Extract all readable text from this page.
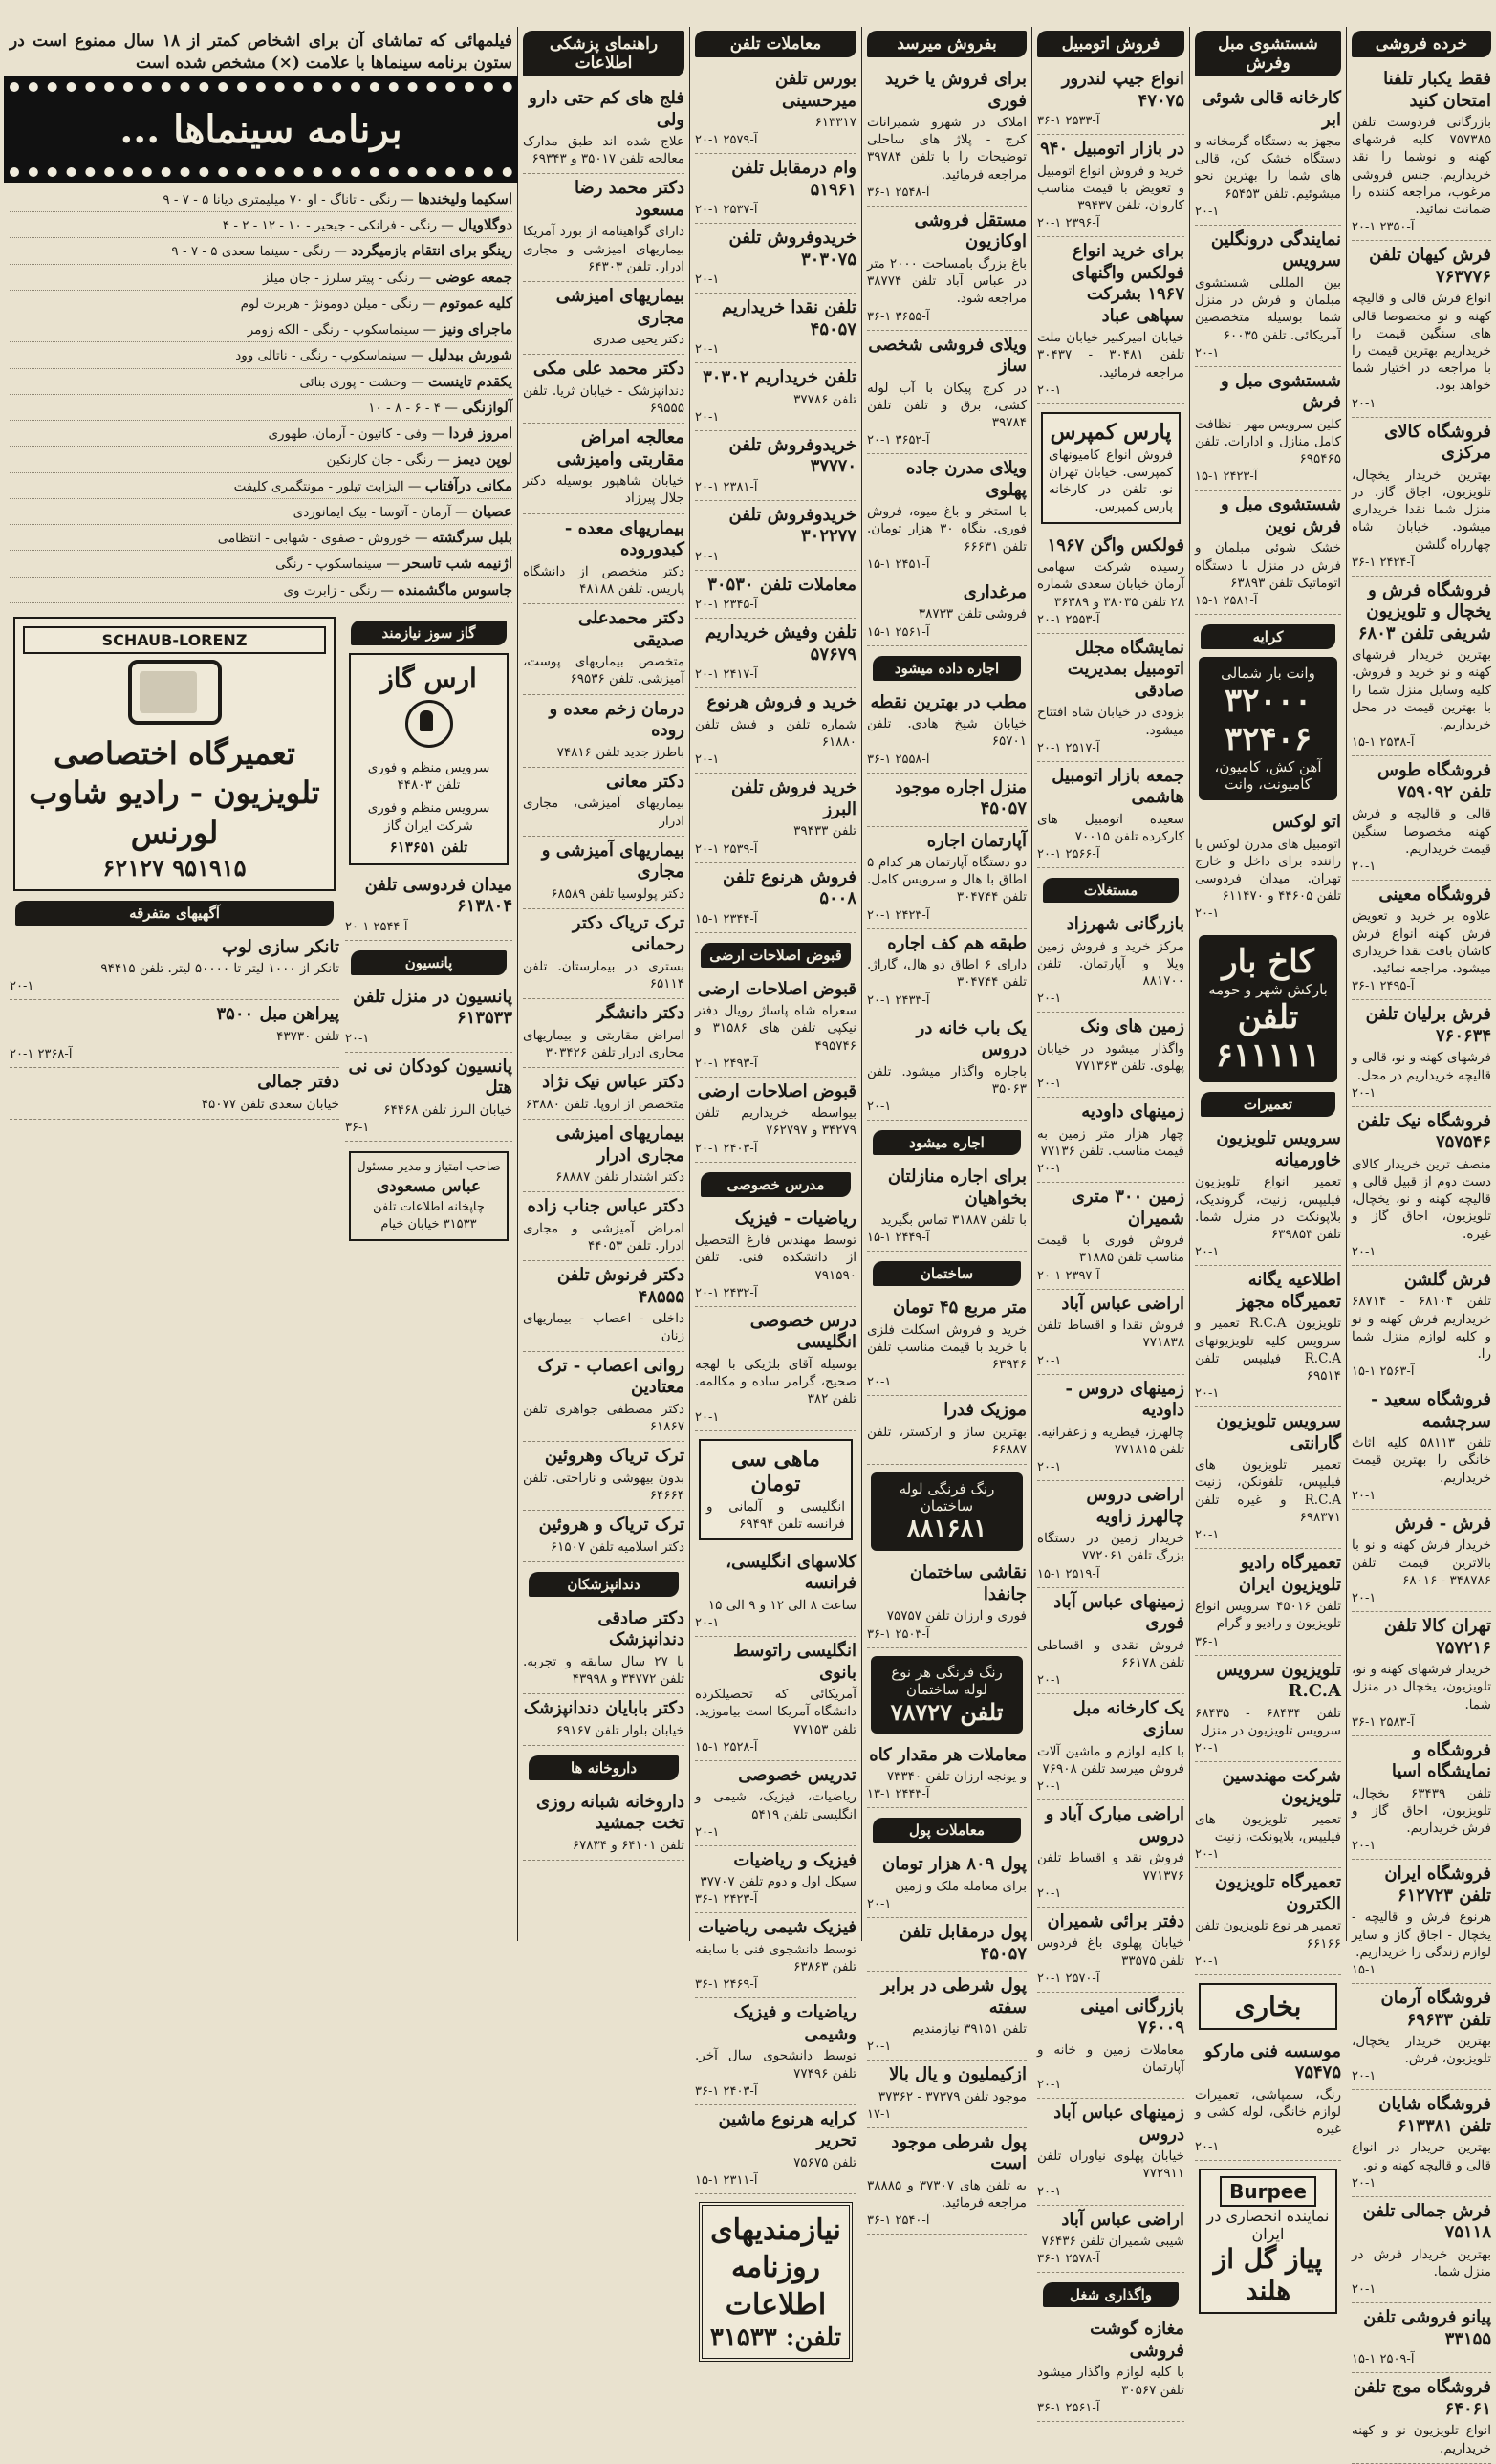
خرده فروشی
فقط یکبار تلفنا امتحان کنید
بازرگانی فردوست تلفن ۷۵۷۳۸۵ کلیه فرشهای کهنه و نوشما را نقد خریداریم. جنس فروشی مرغوب، مراجعه کننده را ضمانت نمائید.
۲۰-۱ آ-۲۳۵۰
فرش کیهان تلفن ۷۶۳۷۷۶
انواع فرش قالی و قالیچه کهنه و نو مخصوصا قالی های سنگین قیمت را خریداریم بهترین قیمت را با مراجعه در اختیار شما خواهد بود.
۲۰-۱
فروشگاه کالای مرکزی
بهترین خریدار یخچال، تلویزیون، اجاق گاز. در منزل شما نقدا خریداری میشود. خیابان شاه چهارراه گلشن
۳۶-۱ آ-۲۴۲۴
فروشگاه فرش و یخچال و تلویزیون شریفی تلفن ۶۸۰۳
بهترین خریدار فرشهای کهنه و نو خرید و فروش. کلیه وسایل منزل شما را با بهترین قیمت در محل خریداریم.
۱۵-۱ آ-۲۵۳۸
فروشگاه طوس تلفن ۷۵۹۰۹۲
قالی و قالیچه و فرش کهنه مخصوصا سنگین قیمت خریداریم.
۲۰-۱
فروشگاه معینی
علاوه بر خرید و تعویض فرش کهنه انواع فرش کاشان بافت نقدا خریداری میشود. مراجعه نمائید.
۳۶-۱ آ-۲۴۹۵
فرش برلیان تلفن ۷۶۰۶۳۴
فرشهای کهنه و نو، قالی و قالیچه خریداریم در محل.
۲۰-۱
فروشگاه نیک تلفن ۷۵۷۵۴۶
منصف ترین خریدار کالای دست دوم از قبیل قالی و قالیچه کهنه و نو، یخچال، تلویزیون، اجاق گاز و غیره.
۲۰-۱
فرش گلشن
تلفن ۶۸۱۰۴ - ۶۸۷۱۴ خریداریم فرش کهنه و نو و کلیه لوازم منزل شما را.
۱۵-۱ آ-۲۵۶۳
فروشگاه سعید - سرچشمه
تلفن ۵۸۱۱۳ کلیه اثاث خانگی را بهترین قیمت خریداریم.
۲۰-۱
فرش - فرش
خریدار فرش کهنه و نو با بالاترین قیمت تلفن ۳۴۸۷۸۶ - ۶۸۰۱۶
۲۰-۱
تهران کالا تلفن ۷۵۷۲۱۶
خریدار فرشهای کهنه و نو، تلویزیون، یخچال در منزل شما.
۳۶-۱ آ-۲۵۸۳
فروشگاه و نمایشگاه اسیا
تلفن ۶۳۴۳۹ یخچال، تلویزیون، اجاق گاز و فرش خریداریم.
۲۰-۱
فروشگاه ایران تلفن ۶۱۲۷۲۳
هرنوع فرش و قالیچه - یخچال - اجاق گاز و سایر لوازم زندگی را خریداریم.
۱۵-۱
فروشگاه آرمان تلفن ۶۹۶۳۳
بهترین خریدار یخچال، تلویزیون، فرش.
۲۰-۱
فروشگاه شایان تلفن ۶۱۳۳۸۱
بهترین خریدار در انواع قالی و قالیچه کهنه و نو.
۲۰-۱
فرش جمالی تلفن ۷۵۱۱۸
بهترین خریدار فرش در منزل شما.
۲۰-۱
پیانو فروشی تلفن ۳۳۱۵۵
۱۵-۱ آ-۲۵۰۹
فروشگاه موج تلفن ۶۴۰۶۱
انواع تلویزیون نو و کهنه خریداریم.
شستشوی مبل وفرش
کارخانه قالی شوئی ابر
مجهز به دستگاه گرمخانه و دستگاه خشک کن، قالی های شما را بهترین نحو میشوئیم. تلفن ۶۵۴۵۳
۲۰-۱
نمایندگی درونگلین سرویس
بین المللی شستشوی مبلمان و فرش در منزل شما بوسیله متخصصین آمریکائی. تلفن ۶۰۰۳۵
۲۰-۱
شستشوی مبل و فرش
کلین سرویس مهر - نظافت کامل منازل و ادارات. تلفن ۶۹۵۴۶۵
۱۵-۱ آ-۲۴۲۳
شستشوی مبل و فرش نوین
خشک شوئی مبلمان و فرش در منزل با دستگاه اتوماتیک تلفن ۶۳۸۹۳
۱۵-۱ آ-۲۵۸۱
کرایه
وانت بار شمالی
۳۲۰۰۰
۳۲۴۰۶
آهن کش، کامیون، کامیونت، وانت
اتو لوکس
اتومبیل های مدرن لوکس با راننده برای داخل و خارج تهران. میدان فردوسی تلفن ۴۴۶۰۵ و ۶۱۱۴۷۰
۲۰-۱
کاخ بار
بارکش شهر و حومه
تلفن ۶۱۱۱۱۱
تعمیرات
سرویس تلویزیون خاورمیانه
تعمیر انواع تلویزیون فیلیپس، زنیت، گروندیک، بلاپونکت در منزل شما. تلفن ۶۳۹۸۵۳
۲۰-۱
اطلاعیه یگانه تعمیرگاه مجهز
تلویزیون R.C.A تعمیر و سرویس کلیه تلویزیونهای R.C.A فیلیپس تلفن ۶۹۵۱۴
۲۰-۱
سرویس تلویزیون گارانتی
تعمیر تلویزیون های فیلیپس، تلفونکن، زنیت R.C.A و غیره تلفن ۶۹۸۳۷۱
۲۰-۱
تعمیرگاه رادیو تلویزیون ایران
تلفن ۴۵۰۱۶ سرویس انواع تلویزیون و رادیو و گرام
۳۶-۱
تلویزیون سرویس R.C.A
تلفن ۶۸۴۳۴ - ۶۸۴۳۵ سرویس تلویزیون در منزل
۲۰-۱
شرکت مهندسین تلویزیون
تعمیر تلویزیون های فیلیپس، بلاپونکت، زنیت
۲۰-۱
تعمیرگاه تلویزیون الکترون
تعمیر هر نوع تلویزیون تلفن ۶۶۱۶۶
۲۰-۱
بخاری
موسسه فنی مارکو ۷۵۴۷۵
رنگ، سمپاشی، تعمیرات لوازم خانگی، لوله کشی و غیره
۲۰-۱
Burpee
نماینده انحصاری در ایران
پیاز گل از هلند
فروش اتومبیل
انواع جیپ لندرور ۴۷۰۷۵
۳۶-۱ آ-۲۵۳۳
در بازار اتومبیل ۹۴۰
خرید و فروش انواع اتومبیل و تعویض با قیمت مناسب کاروان، تلفن ۳۹۴۳۷
۲۰-۱ آ-۲۳۹۶
برای خرید انواع فولکس واگنهای ۱۹۶۷ بشرکت سپاهی عباد
خیابان امیرکبیر خیابان ملت تلفن ۳۰۴۸۱ - ۳۰۴۳۷ مراجعه فرمائید.
۲۰-۱
پارس کمپرس
فروش انواع کامیونهای کمپرسی. خیابان تهران نو. تلفن در کارخانه پارس کمپرس.
فولکس واگن ۱۹۶۷
رسیده شرکت سهامی آرمان خیابان سعدی شماره ۲۸ تلفن ۳۸۰۳۵ و ۳۶۳۸۹
۲۰-۱ آ-۲۵۵۳
نمایشگاه مجلل اتومبیل بمدیریت صادقی
بزودی در خیابان شاه افتتاح میشود.
۲۰-۱ آ-۲۵۱۷
جمعه بازار اتومبیل هاشمی
سعیده اتومبیل های کارکرده تلفن ۷۰۰۱۵
۲۰-۱ آ-۲۵۶۶
مستغلات
بازرگانی شهرزاد
مرکز خرید و فروش زمین ویلا و آپارتمان. تلفن ۸۸۱۷۰۰
۲۰-۱
زمین های ونک
واگذار میشود در خیابان پهلوی. تلفن ۷۷۱۳۶۳
۲۰-۱
زمینهای داودیه
چهار هزار متر زمین به قیمت مناسب. تلفن ۷۷۱۳۶
۲۰-۱
زمین ۳۰۰ متری شمیران
فروش فوری با قیمت مناسب تلفن ۳۱۸۸۵
۲۰-۱ آ-۲۳۹۷
اراضی عباس آباد
فروش نقدا و اقساط تلفن ۷۷۱۸۳۸
۲۰-۱
زمینهای دروس - داودیه
چالهرز، قیطریه و زعفرانیه. تلفن ۷۷۱۸۱۵
۲۰-۱
اراضی دروس چالهرز زاویه
خریدار زمین در دستگاه بزرگ تلفن ۷۷۲۰۶۱
۱۵-۱ آ-۲۵۱۹
زمینهای عباس آباد فوری
فروش نقدی و اقساطی تلفن ۶۶۱۷۸
۲۰-۱
یک کارخانه مبل سازی
با کلیه لوازم و ماشین آلات فروش میرسد تلفن ۷۶۹۰۸
۲۰-۱
اراضی مبارک آباد و دروس
فروش نقد و اقساط تلفن ۷۷۱۳۷۶
۲۰-۱
دفتر برائی شمیران
خیابان پهلوی باغ فردوس تلفن ۳۳۵۷۵
۲۰-۱ آ-۲۵۷۰
بازرگانی امینی ۷۶۰۰۹
معاملات زمین و خانه و آپارتمان
۲۰-۱
زمینهای عباس آباد دروس
خیابان پهلوی نیاوران تلفن ۷۷۲۹۱۱
۲۰-۱
اراضی عباس آباد
شیبی شمیران تلفن ۷۶۴۳۶
۳۶-۱ آ-۲۵۷۸
واگذاری شغل
مغازه گوشت فروشی
با کلیه لوازم واگذار میشود تلفن ۳۰۵۶۷
۳۶-۱ آ-۲۵۶۱
بفروش میرسد
برای فروش یا خرید فوری
املاک در شهرو شمیرانات کرج - پلاژ های ساحلی توضیحات را با تلفن ۳۹۷۸۴ مراجعه فرمائید.
۳۶-۱ آ-۲۵۴۸
مستقل فروشی اوکازیون
باغ بزرگ بامساحت ۲۰۰۰ متر در عباس آباد تلفن ۳۸۷۷۴ مراجعه شود.
۳۶-۱ آ-۳۶۵۵
ویلای فروشی شخصی ساز
در کرج پیکان با آب لوله کشی، برق و تلفن تلفن ۳۹۷۸۴
۲۰-۱ آ-۳۶۵۲
ویلای مدرن جاده پهلوی
با استخر و باغ میوه، فروش فوری. بنگاه ۳۰ هزار تومان. تلفن ۶۶۶۳۱
۱۵-۱ آ-۲۴۵۱
مرغداری
فروشی تلفن ۳۸۷۳۳
۱۵-۱ آ-۲۵۶۱
اجاره داده میشود
مطب در بهترین نقطه
خیابان شیخ هادی. تلفن ۶۵۷۰۱
۳۶-۱ آ-۲۵۵۸
منزل اجاره موجود ۴۵۰۵۷
آپارتمان اجاره
دو دستگاه آپارتمان هر کدام ۵ اطاق با هال و سرویس کامل. تلفن ۳۰۴۷۴۴
۲۰-۱ آ-۲۴۲۳
طبقه هم کف اجاره
دارای ۶ اطاق دو هال، گاراژ. تلفن ۳۰۴۷۴۴
۲۰-۱ آ-۲۴۳۳
یک باب خانه در دروس
باجاره واگذار میشود. تلفن ۳۵۰۶۳
۲۰-۱
اجاره میشود
برای اجاره منازلتان بخواهیان
با تلفن ۳۱۸۸۷ تماس بگیرید
۱۵-۱ آ-۲۴۴۹
ساختمان
متر مربع ۴۵ تومان
خرید و فروش اسکلت فلزی با خرید با قیمت مناسب تلفن ۶۳۹۴۶
۲۰-۱
موزیک فدرا
بهترین ساز و ارکستر، تلفن ۶۶۸۸۷
رنگ فرنگی لوله ساختمان
۸۸۱۶۸۱
نقاشی ساختمان جانفدا
فوری و ارزان تلفن ۷۵۷۵۷
۳۶-۱ آ-۲۵۰۳
رنگ فرنگی هر نوع لوله ساختمان
تلفن ۷۸۷۲۷
معاملات هر مقدار کاه
و یونجه ارزان تلفن ۷۳۳۴۰
۱۳-۱ آ-۲۴۴۳
معاملات پول
پول ۸۰۹ هزار تومان
برای معامله ملک و زمین
۲۰-۱
پول درمقابل تلفن ۴۵۰۵۷
پول شرطی در برابر سفته
تلفن ۳۹۱۵۱ نیازمندیم
۲۰-۱
ازکیملیون و یال بالا
موجود تلفن ۳۷۳۷۹ - ۳۷۳۶۲
۱۷-۱
پول شرطی موجود است
به تلفن های ۳۷۳۰۷ و ۳۸۸۸۵ مراجعه فرمائید.
۳۶-۱ آ-۲۵۴۰
معاملات تلفن
بورس تلفن میرحسینی
۶۱۳۳۱۷
۲۰-۱ آ-۲۵۷۹
وام درمقابل تلفن ۵۱۹۶۱
۲۰-۱ آ-۲۵۳۷
خریدوفروش تلفن ۳۰۳۰۷۵
۲۰-۱
تلفن نقدا خریداریم ۴۵۰۵۷
۲۰-۱
تلفن خریداریم ۳۰۳۰۲
تلفن ۳۷۷۸۶
۲۰-۱
خریدوفروش تلفن ۳۷۷۷۰
۲۰-۱ آ-۲۳۸۱
خریدوفروش تلفن ۳۰۲۲۷۷
۲۰-۱
معاملات تلفن ۳۰۵۳۰
۲۰-۱ آ-۲۳۴۵
تلفن وفیش خریداریم ۵۷۶۷۹
۲۰-۱ آ-۲۴۱۷
خرید و فروش هرنوع
شماره تلفن و فیش تلفن ۶۱۸۸۰
۲۰-۱
خرید فروش تلفن البرز
تلفن ۳۹۴۳۳
۲۰-۱ آ-۲۵۳۹
فروش هرنوع تلفن ۵۰۰۸
۱۵-۱ آ-۲۳۴۴
قبوض اصلاحات ارضی
قبوض اصلاحات ارضی
سعراه شاه پاساژ رویال دفتر نیکپی تلفن های ۳۱۵۸۶ و ۴۹۵۷۴۶
۲۰-۱ آ-۲۴۹۳
قبوض اصلاحات ارضی
بیواسطه خریداریم تلفن ۳۴۲۷۹ و ۷۶۲۷۹۷
۲۰-۱ آ-۲۴۰۳
مدرس خصوصی
ریاضیات - فیزیک
توسط مهندس فارغ التحصیل از دانشکده فنی. تلفن ۷۹۱۵۹۰
۲۰-۱ آ-۲۴۳۲
درس خصوصی انگلیسی
بوسیله آقای بلژیکی با لهجه صحیح، گرامر ساده و مکالمه. تلفن ۳۸۲
۲۰-۱
ماهی سی تومان
انگلیسی و آلمانی و فرانسه تلفن ۶۹۴۹۴
کلاسهای انگلیسی، فرانسه
ساعت ۸ الی ۱۲ و ۹ الی ۱۵
۲۰-۱
انگلیسی راتوسط بانوی
آمریکائی که تحصیلکرده دانشگاه آمریکا است بیاموزید. تلفن ۷۷۱۵۳
۱۵-۱ آ-۲۵۲۸
تدریس خصوصی
ریاضیات، فیزیک، شیمی و انگلیسی تلفن ۵۴۱۹
۲۰-۱
فیزیک و ریاضیات
سیکل اول و دوم تلفن ۳۷۷۰۷
۳۶-۱ آ-۲۴۲۳
فیزیک شیمی ریاضیات
توسط دانشجوی فنی با سابقه تلفن ۶۳۸۶۳
۳۶-۱ آ-۲۴۶۹
ریاضیات و فیزیک وشیمی
توسط دانشجوی سال آخر. تلفن ۷۷۴۹۶
۳۶-۱ آ-۲۴۰۳
کرایه هرنوع ماشین تحریر
تلفن ۷۵۶۷۵
۱۵-۱ آ-۲۳۱۱
نیازمندیهای روزنامه اطلاعات
تلفن: ۳۱۵۳۳
راهنمای پزشکی اطلاعات
فلج های کم حتی دارو ولی
علاج شده اند طبق مدارک معالجه تلفن ۳۵۰۱۷ و ۶۹۳۴۳
دکتر محمد رضا مسعود
دارای گواهینامه از بورد آمریکا بیماریهای امیزشی و مجاری ادرار. تلفن ۶۴۳۰۳
بیماریهای امیزشی مجاری
دکتر یحیی صدری
دکتر محمد علی مکی
دندانپزشک - خیابان ثریا. تلفن ۶۹۵۵۵
معالجه امراض مقاربتی وامیزشی
خیابان شاهپور بوسیله دکتر جلال پیرزاد
بیماریهای معده - کبدوروده
دکتر متخصص از دانشگاه پاریس. تلفن ۴۸۱۸۸
دکتر محمدعلی صدیقی
متخصص بیماریهای پوست، آمیزشی. تلفن ۶۹۵۳۶
درمان زخم معده و روده
باطرز جدید تلفن ۷۴۸۱۶
دکتر معانی
بیماریهای آمیزشی، مجاری ادرار
بیماریهای آمیزشی و مجاری
دکتر پولوسیا تلفن ۶۸۵۸۹
ترک تریاک دکتر رحمانی
بستری در بیمارستان. تلفن ۶۵۱۱۴
دکتر دانشگر
امراض مقاربتی و بیماریهای مجاری ادرار تلفن ۳۰۳۴۲۶
دکتر عباس نیک نژاد
متخصص از اروپا. تلفن ۶۳۸۸۰
بیماریهای امیزشی مجاری ادرار
دکتر اشتدار تلفن ۶۸۸۸۷
دکتر عباس جناب زاده
امراض آمیزشی و مجاری ادرار. تلفن ۴۴۰۵۳
دکتر فرنوش تلفن ۴۸۵۵۵
داخلی - اعصاب - بیماریهای زنان
روانی اعصاب - ترک معتادین
دکتر مصطفی جواهری تلفن ۶۱۸۶۷
ترک تریاک وهروئین
بدون بیهوشی و ناراحتی. تلفن ۶۴۶۶۴
ترک تریاک و هروئین
دکتر اسلامیه تلفن ۶۱۵۰۷
دندانپزشکان
دکتر صادقی دندانپزشک
با ۲۷ سال سابقه و تجربه. تلفن ۳۴۷۷۲ و ۴۳۹۹۸
دکتر بابایان دندانپزشک
خیابان بلوار تلفن ۶۹۱۶۷
داروخانه ها
داروخانه شبانه روزی تخت جمشید
تلفن ۶۴۱۰۱ و ۶۷۸۳۴
فیلمهائی که تماشای آن برای اشخاص کمتر از ۱۸ سال ممنوع است در ستون برنامه سینماها با علامت (×) مشخص شده است
برنامه سینماها ...
اسکیما ولیخندها — رنگی - تاناگ - او ۷۰ میلیمتری دیانا ۵ - ۷ - ۹
دوگلاویال — رنگی - فرانکی - جیحیر - ۱۰ - ۱۲ - ۲ - ۴
رینگو برای انتقام بازمیگردد — رنگی - سینما سعدی ۵ - ۷ - ۹
جمعه عوضی — رنگی - پیتر سلرز - جان میلز
کلیه عموتوم — رنگی - میلن دومونژ - هربرت لوم
ماجرای ونیز — سینماسکوپ - رنگی - الکه زومر
شورش بیدلیل — سینماسکوپ - رنگی - ناتالی وود
یکقدم تاینست — وحشت - پوری بنائی
آلوازنگی — ۴ - ۶ - ۸ - ۱۰
امروز فردا — وفی - کاتیون - آرمان، طهوری
لوپن دیمز — رنگی - جان کارنکین
مکانی درآفتاب — الیزابت تیلور - مونتگمری کلیفت
عصیان — آرمان - آتوسا - بیک ایمانوردی
بلبل سرگشته — خوروش - صفوی - شهابی - انتظامی
اژنیمه شب تاسحر — سینماسکوپ - رنگی
جاسوس ماگشمنده — رنگی - زابرت وی
گاز سوز نیازمند
ارس گاز
سرویس منظم و فوری تلفن ۴۴۸۰۳
سرویس منظم و فوری شرکت ایران گاز
تلفن ۶۱۳۶۵۱
میدان فردوسی تلفن ۶۱۳۸۰۴
۲۰-۱ آ-۲۵۴۴
پانسیون
پانسیون در منزل تلفن ۶۱۳۵۳۳
۲۰-۱
پانسیون کودکان نی نی هتل
خیابان البرز تلفن ۶۴۴۶۸
۳۶-۱
صاحب امتیاز و مدیر مسئول
عباس مسعودی
چاپخانه اطلاعات تلفن ۳۱۵۳۳ خیابان خیام
SCHAUB-LORENZ
تعمیرگاه اختصاصی تلویزیون - رادیو شاوب لورنس
۶۲۱۲۷ ۹۵۱۹۱۵
آگهیهای متفرقه
تانکر سازی لوپ
تانکر از ۱۰۰۰ لیتر تا ۵۰۰۰۰ لیتر. تلفن ۹۴۴۱۵
۲۰-۱
پیراهن مبل ۳۵۰۰
تلفن ۴۳۷۳۰
۲۰-۱ آ-۲۳۶۸
دفتر جمالی
خیابان سعدی تلفن ۴۵۰۷۷
